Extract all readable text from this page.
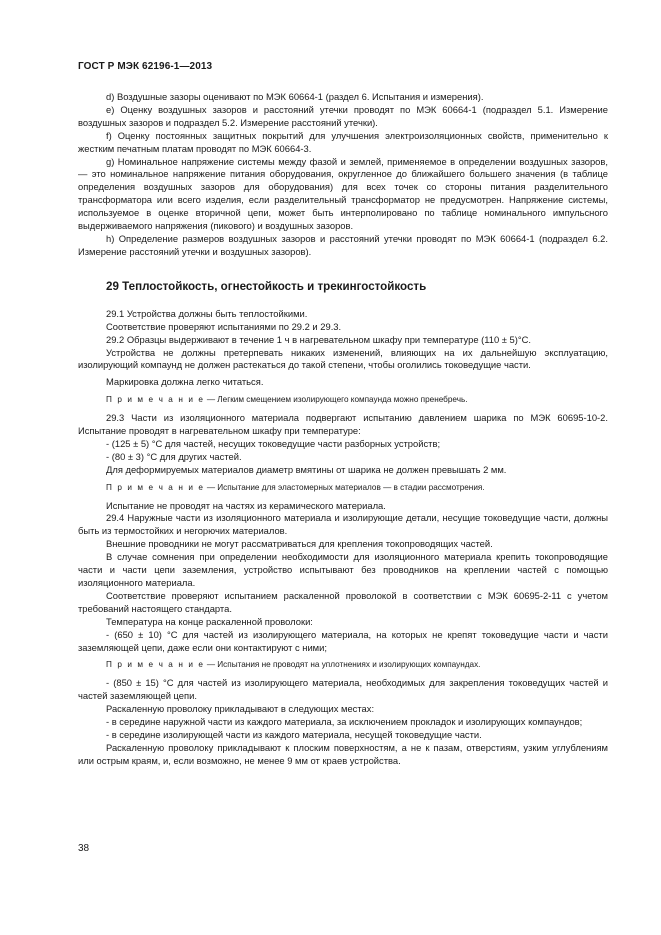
ГОСТ Р МЭК 62196-1—2013

d) Воздушные зазоры оценивают по МЭК 60664-1 (раздел 6. Испытания и измерения).

e) Оценку воздушных зазоров и расстояний утечки проводят по МЭК 60664-1 (подраздел 5.1. Измерение воздушных зазоров и подраздел 5.2. Измерение расстояний утечки).

f) Оценку постоянных защитных покрытий для улучшения электроизоляционных свойств, применительно к жестким печатным платам проводят по МЭК 60664-3.

g) Номинальное напряжение системы между фазой и землей, применяемое в определении воздушных зазоров, — это номинальное напряжение питания оборудования, округленное до ближайшего большего значения (в таблице определения воздушных зазоров для оборудования) для всех точек со стороны питания разделительного трансформатора или всего изделия, если разделительный трансформатор не предусмотрен. Напряжение системы, используемое в оценке вторичной цепи, может быть интерполировано по таблице номинального импульсного выдерживаемого напряжения (пикового) и воздушных зазоров.

h) Определение размеров воздушных зазоров и расстояний утечки проводят по МЭК 60664-1 (подраздел 6.2. Измерение расстояний утечки и воздушных зазоров).

29 Теплостойкость, огнестойкость и трекингостойкость

29.1 Устройства должны быть теплостойкими.

Соответствие проверяют испытаниями по 29.2 и 29.3.

29.2 Образцы выдерживают в течение 1 ч в нагревательном шкафу при температуре (110 ± 5)°С.

Устройства не должны претерпевать никаких изменений, влияющих на их дальнейшую эксплуатацию, изолирующий компаунд не должен растекаться до такой степени, чтобы оголились токоведущие части.

Маркировка должна легко читаться.

П р и м е ч а н и е — Легким смещением изолирующего компаунда можно пренебречь.

29.3 Части из изоляционного материала подвергают испытанию давлением шарика по МЭК 60695-10-2. Испытание проводят в нагревательном шкафу при температуре:

- (125 ± 5) °С для частей, несущих токоведущие части разборных устройств;

- (80 ± 3) °С для других частей.

Для деформируемых материалов диаметр вмятины от шарика не должен превышать 2 мм.

П р и м е ч а н и е — Испытание для эластомерных материалов — в стадии рассмотрения.

Испытание не проводят на частях из керамического материала.

29.4 Наружные части из изоляционного материала и изолирующие детали, несущие токоведущие части, должны быть из термостойких и негорючих материалов.

Внешние проводники не могут рассматриваться для крепления токопроводящих частей.

В случае сомнения при определении необходимости для изоляционного материала крепить токопроводящие части и части цепи заземления, устройство испытывают без проводников на креплении частей с помощью изоляционного материала.

Соответствие проверяют испытанием раскаленной проволокой в соответствии с МЭК 60695-2-11 с учетом требований настоящего стандарта.

Температура на конце раскаленной проволоки:

- (650 ± 10) °С для частей из изолирующего материала, на которых не крепят токоведущие части и части заземляющей цепи, даже если они контактируют с ними;

П р и м е ч а н и е — Испытания не проводят на уплотнениях и изолирующих компаундах.

- (850 ± 15) °С для частей из изолирующего материала, необходимых для закрепления токоведущих частей и частей заземляющей цепи.

Раскаленную проволоку прикладывают в следующих местах:

- в середине наружной части из каждого материала, за исключением прокладок и изолирующих компаундов;

- в середине изолирующей части из каждого материала, несущей токоведущие части.

Раскаленную проволоку прикладывают к плоским поверхностям, а не к пазам, отверстиям, узким углублениям или острым краям, и, если возможно, не менее 9 мм от краев устройства.

38
